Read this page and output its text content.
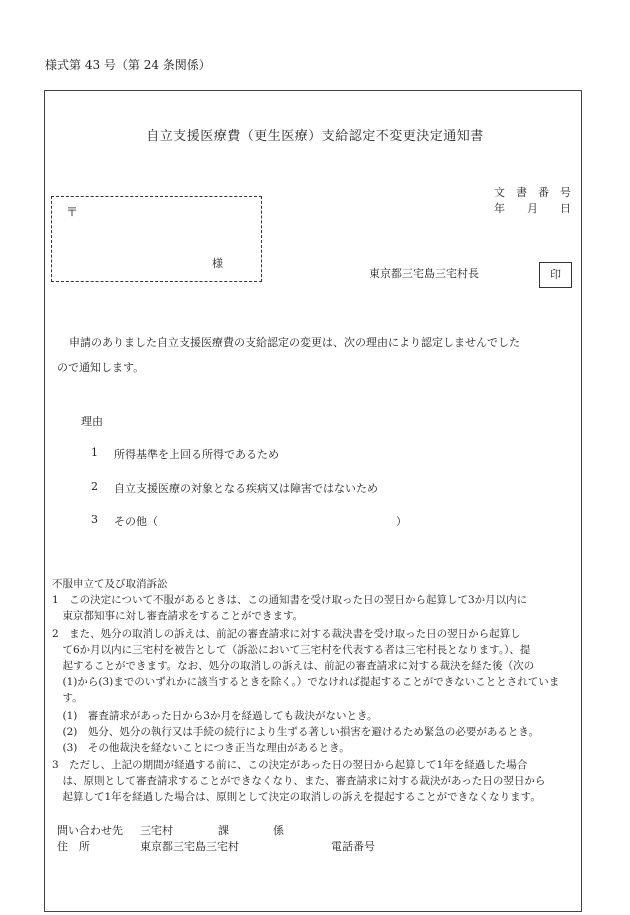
様式第 43 号（第 24 条関係）
自立支援医療費（更生医療）支給認定不変更決定通知書
文　書　番　号
年　　月　　日
〒
様
東京都三宅島三宅村長	印
申請のありました自立支援医療費の支給認定の変更は、次の理由により認定しませんでした
ので通知します。
理由
1 所得基準を上回る所得であるため
2 自立支援医療の対象となる疾病又は障害ではないため
3 その他（	）
不服申立て及び取消訴訟
1　この決定について不服があるときは、この通知書を受け取った日の翌日から起算して3か月以内に
　東京都知事に対し審査請求をすることができます。
2　また、処分の取消しの訴えは、前記の審査請求に対する裁決書を受け取った日の翌日から起算し
　て6か月以内に三宅村を被告として（訴訟において三宅村を代表する者は三宅村長となります。）、提
　起することができます。なお、処分の取消しの訴えは、前記の審査請求に対する裁決を経た後（次の
　(1)から(3)までのいずれかに該当するときを除く。）でなければ提起することができないこととされていま
　す。
　(1)　審査請求があった日から3か月を経過しても裁決がないとき。
　(2)　処分、処分の執行又は手続の続行により生ずる著しい損害を避けるため緊急の必要があるとき。
　(3)　その他裁決を経ないことにつき正当な理由があるとき。
3　ただし、上記の期間が経過する前に、この決定があった日の翌日から起算して1年を経過した場合
　は、原則として審査請求することができなくなり、また、審査請求に対する裁決があった日の翌日から
　起算して1年を経過した場合は、原則として決定の取消しの訴えを提起することができなくなります。
問い合わせ先 三宅村	課	係
住　所	東京都三宅島三宅村	電話番号
